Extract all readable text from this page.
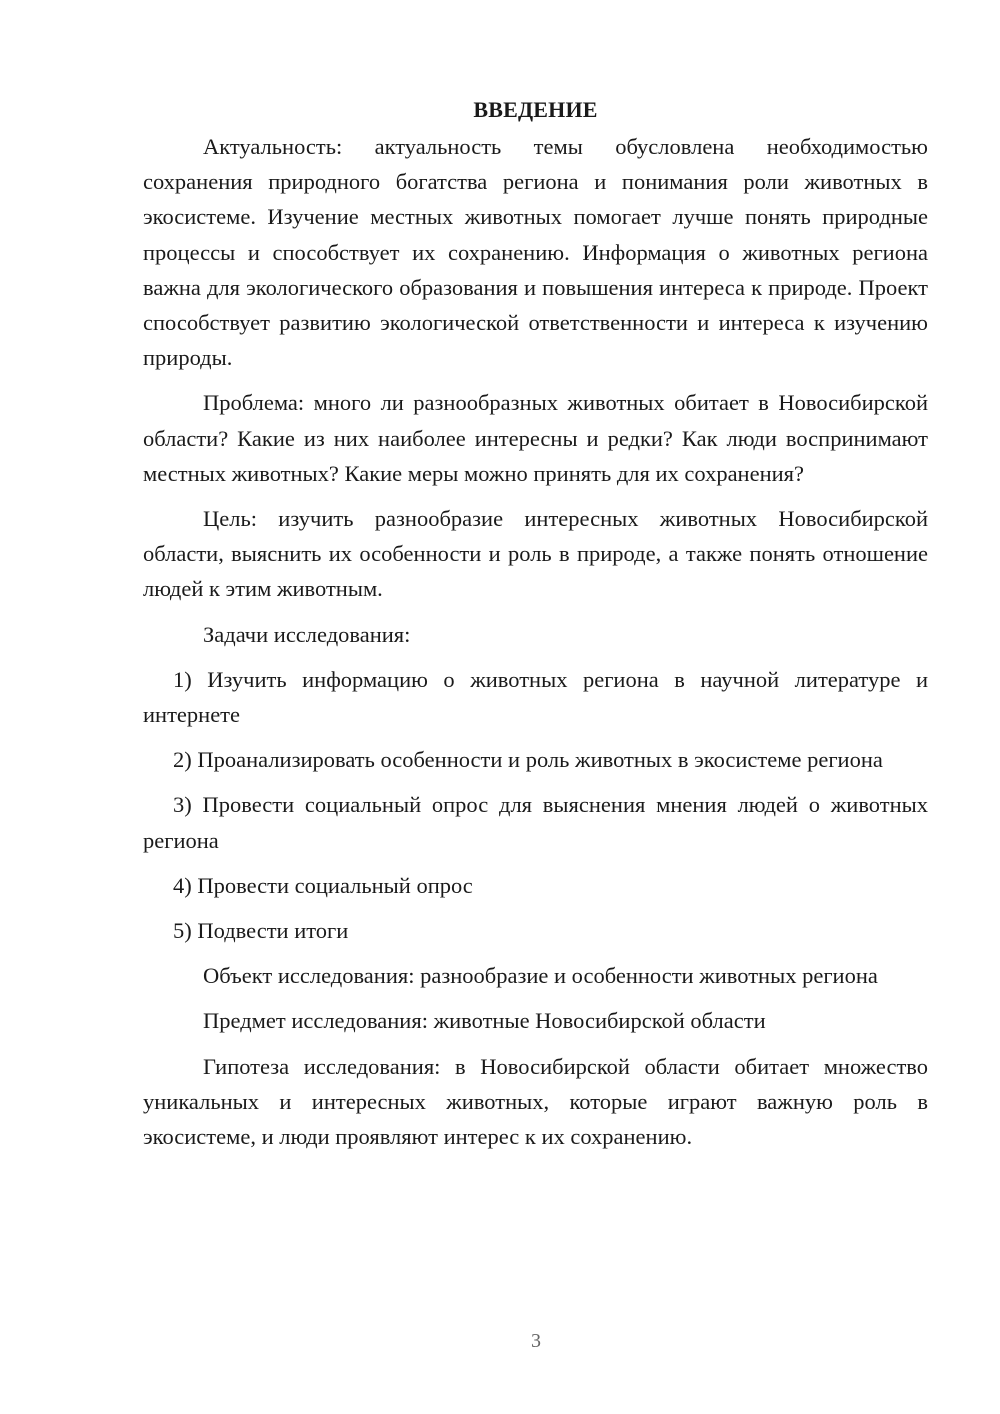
ВВЕДЕНИЕ

Актуальность: актуальность темы обусловлена необходимостью сохранения природного богатства региона и понимания роли животных в экосистеме. Изучение местных животных помогает лучше понять природные процессы и способствует их сохранению. Информация о животных региона важна для экологического образования и повышения интереса к природе. Проект способствует развитию экологической ответственности и интереса к изучению природы.

Проблема: много ли разнообразных животных обитает в Новосибирской области? Какие из них наиболее интересны и редки? Как люди воспринимают местных животных? Какие меры можно принять для их сохранения?

Цель: изучить разнообразие интересных животных Новосибирской области, выяснить их особенности и роль в природе, а также понять отношение людей к этим животным.

Задачи исследования:

1) Изучить информацию о животных региона в научной литературе и интернете

2) Проанализировать особенности и роль животных в экосистеме региона

3) Провести социальный опрос для выяснения мнения людей о животных региона

4) Провести социальный опрос

5) Подвести итоги

Объект исследования: разнообразие и особенности животных региона

Предмет исследования: животные Новосибирской области

Гипотеза исследования: в Новосибирской области обитает множество уникальных и интересных животных, которые играют важную роль в экосистеме, и люди проявляют интерес к их сохранению.

3
